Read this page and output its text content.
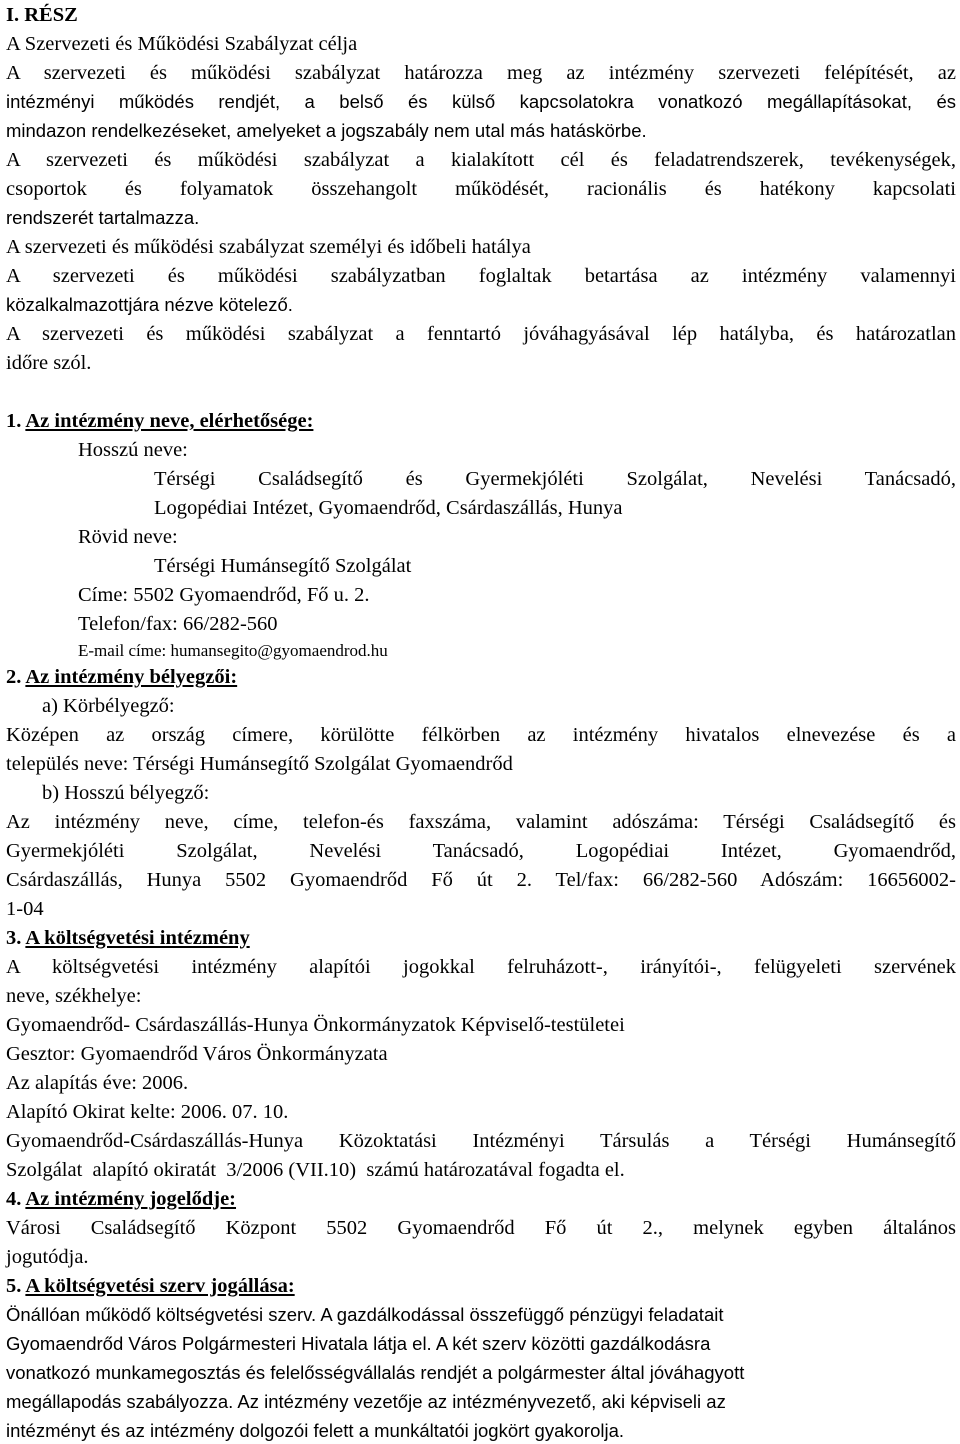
I. RÉSZ
A Szervezeti és Működési Szabályzat célja
A szervezeti és működési szabályzat határozza meg az intézmény szervezeti felépítését, az
intézményi működés rendjét, a belső és külső kapcsolatokra vonatkozó megállapításokat, és
mindazon rendelkezéseket, amelyeket a jogszabály nem utal más hatáskörbe.
A szervezeti és működési szabályzat a kialakított cél és feladatrendszerek, tevékenységek,
csoportok és folyamatok összehangolt működését, racionális és hatékony kapcsolati
rendszerét tartalmazza.
A szervezeti és működési szabályzat személyi és időbeli hatálya
A szervezeti és működési szabályzatban foglaltak betartása az intézmény valamennyi
közalkalmazottjára nézve kötelező.
A szervezeti és működési szabályzat a fenntartó jóváhagyásával lép hatályba, és határozatlan
időre szól.
1. Az intézmény neve, elérhetősége:
Hosszú neve:
Térségi Családsegítő és Gyermekjóléti Szolgálat, Nevelési Tanácsadó,
Logopédiai Intézet, Gyomaendrőd, Csárdaszállás, Hunya
Rövid neve:
Térségi Humánsegítő Szolgálat
Címe: 5502 Gyomaendrőd, Fő u. 2.
Telefon/fax: 66/282-560
E-mail címe: humansegito@gyomaendrod.hu
2. Az intézmény bélyegzői:
a) Körbélyegző:
Középen az ország címere, körülötte félkörben az intézmény hivatalos elnevezése és a
település neve: Térségi Humánsegítő Szolgálat Gyomaendrőd
b) Hosszú bélyegző:
Az intézmény neve, címe, telefon-és faxszáma, valamint adószáma: Térségi Családsegítő és
Gyermekjóléti Szolgálat, Nevelési Tanácsadó, Logopédiai Intézet, Gyomaendrőd,
Csárdaszállás, Hunya 5502 Gyomaendrőd Fő út 2. Tel/fax: 66/282-560 Adószám: 16656002-
1-04
3. A költségvetési intézmény
A költségvetési intézmény alapítói jogokkal felruházott-, irányítói-, felügyeleti szervének
neve, székhelye:
Gyomaendrőd- Csárdaszállás-Hunya Önkormányzatok Képviselő-testületei
Gesztor: Gyomaendrőd Város Önkormányzata
Az alapítás éve: 2006.
Alapító Okirat kelte: 2006. 07. 10.
Gyomaendrőd-Csárdaszállás-Hunya Közoktatási Intézményi Társulás a Térségi Humánsegítő
Szolgálat  alapító okiratát  3/2006 (VII.10)  számú határozatával fogadta el.
4. Az intézmény jogelődje:
Városi Családsegítő Központ 5502 Gyomaendrőd Fő út 2., melynek egyben általános
jogutódja.
5. A költségvetési szerv jogállása:
Önállóan működő költségvetési szerv. A gazdálkodással összefüggő pénzügyi feladatait
Gyomaendrőd Város Polgármesteri Hivatala látja el. A két szerv közötti gazdálkodásra
vonatkozó munkamegosztás és felelősségvállalás rendjét a polgármester által jóváhagyott
megállapodás szabályozza. Az intézmény vezetője az intézményvezető, aki képviseli az
intézményt és az intézmény dolgozói felett a munkáltatói jogkört gyakorolja.
